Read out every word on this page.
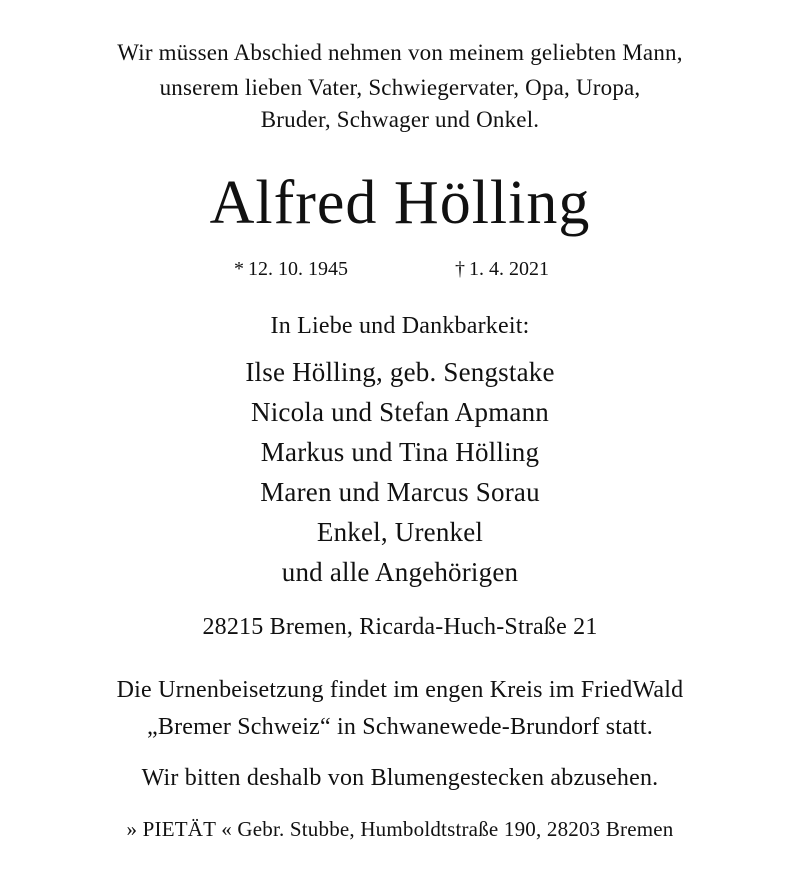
Wir müssen Abschied nehmen von meinem geliebten Mann,
unserem lieben Vater, Schwiegervater, Opa, Uropa,
Bruder, Schwager und Onkel.
Alfred Hölling
* 12. 10. 1945	† 1. 4. 2021
In Liebe und Dankbarkeit:
Ilse Hölling, geb. Sengstake
Nicola und Stefan Apmann
Markus und Tina Hölling
Maren und Marcus Sorau
Enkel, Urenkel
und alle Angehörigen
28215 Bremen, Ricarda-Huch-Straße 21
Die Urnenbeisetzung findet im engen Kreis im FriedWald
„Bremer Schweiz“ in Schwanewede-Brundorf statt.
Wir bitten deshalb von Blumengestecken abzusehen.
» PIETÄT « Gebr. Stubbe, Humboldtstraße 190, 28203 Bremen
